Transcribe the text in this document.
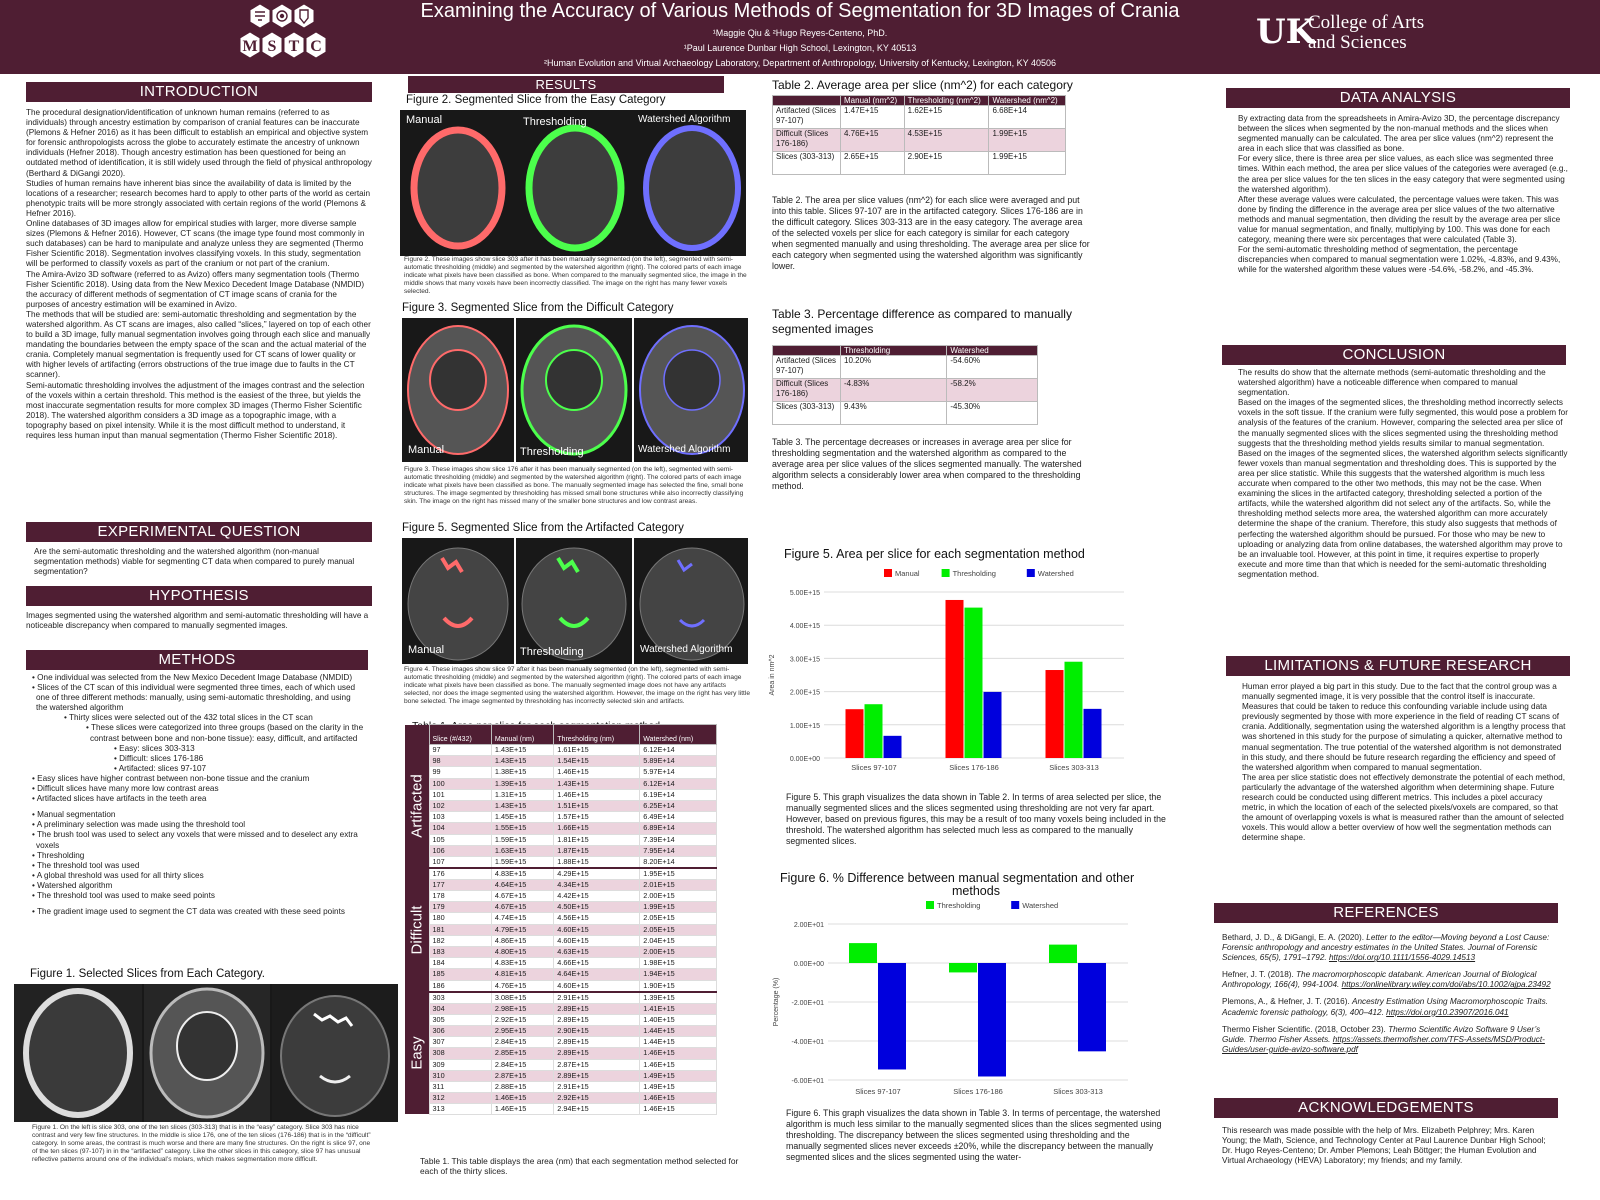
M S T C
Examining the Accuracy of Various Methods of Segmentation for 3D Images of Crania
¹Maggie Qiu & ²Hugo Reyes-Centeno, PhD.
¹Paul Laurence Dunbar High School, Lexington, KY 40513
²Human Evolution and Virtual Archaeology Laboratory, Department of Anthropology, University of Kentucky, Lexington, KY 40506
UK
College of Arts
and Sciences
INTRODUCTION

The procedural designation/identification of unknown human remains (referred to as individuals) through ancestry estimation by comparison of cranial features can be inaccurate (Plemons & Hefner 2016) as it has been difficult to establish an empirical and objective system for forensic anthropologists across the globe to accurately estimate the ancestry of unknown individuals (Hefner 2018). Though ancestry estimation has been questioned for being an outdated method of identification, it is still widely used through the field of physical anthropology (Berthard & DiGangi 2020).

Studies of human remains have inherent bias since the availability of data is limited by the locations of a researcher; research becomes hard to apply to other parts of the world as certain phenotypic traits will be more strongly associated with certain regions of the world (Plemons & Hefner 2016).

Online databases of 3D images allow for empirical studies with larger, more diverse sample sizes (Plemons & Hefner 2016). However, CT scans (the image type found most commonly in such databases) can be hard to manipulate and analyze unless they are segmented (Thermo Fisher Scientific 2018). Segmentation involves classifying voxels. In this study, segmentation will be performed to classify voxels as part of the cranium or not part of the cranium.

The Amira-Avizo 3D software (referred to as Avizo) offers many segmentation tools (Thermo Fisher Scientific 2018). Using data from the New Mexico Decedent Image Database (NMDID) the accuracy of different methods of segmentation of CT image scans of crania for the purposes of ancestry estimation will be examined in Avizo.

The methods that will be studied are: semi-automatic thresholding and segmentation by the watershed algorithm. As CT scans are images, also called “slices,” layered on top of each other to build a 3D image, fully manual segmentation involves going through each slice and manually mandating the boundaries between the empty space of the scan and the actual material of the crania. Completely manual segmentation is frequently used for CT scans of lower quality or with higher levels of artifacting (errors obstructions of the true image due to faults in the CT scanner).

Semi-automatic thresholding involves the adjustment of the images contrast and the selection of the voxels within a certain threshold. This method is the easiest of the three, but yields the most inaccurate segmentation results for more complex 3D images (Thermo Fisher Scientific 2018). The watershed algorithm considers a 3D image as a topographic image, with a topography based on pixel intensity. While it is the most difficult method to understand, it requires less human input than manual segmentation (Thermo Fisher Scientific 2018).

EXPERIMENTAL QUESTION
Are the semi-automatic thresholding and the watershed algorithm (non-manual segmentation methods) viable for segmenting CT data when compared to purely manual segmentation?
HYPOTHESIS
Images segmented using the watershed algorithm and semi-automatic thresholding will have a noticeable discrepancy when compared to manually segmented images.
METHODS
• One individual was selected from the New Mexico Decedent Image Database (NMDID)
• Slices of the CT scan of this individual were segmented three times, each of which used one of three different methods: manually, using semi-automatic thresholding, and using the watershed algorithm
• Thirty slices were selected out of the 432 total slices in the CT scan
• These slices were categorized into three groups (based on the clarity in the contrast between bone and non-bone tissue): easy, difficult, and artifacted
• Easy: slices 303-313
• Difficult: slices 176-186
• Artifacted: slices 97-107
• Easy slices have higher contrast between non-bone tissue and the cranium
• Difficult slices have many more low contrast areas
• Artifacted slices have artifacts in the teeth area
• Manual segmentation
• A preliminary selection was made using the threshold tool
• The brush tool was used to select any voxels that were missed and to deselect any extra voxels
• Thresholding
• The threshold tool was used
• A global threshold was used for all thirty slices
• Watershed algorithm
• The threshold tool was used to make seed points
• The gradient image used to segment the CT data was created with these seed points
Figure 1. Selected Slices from Each Category.
Figure 1. On the left is slice 303, one of the ten slices (303-313) that is in the “easy” category. Slice 303 has nice contrast and very few fine structures. In the middle is slice 176, one of the ten slices (176-186) that is in the “difficult” category. In some areas, the contrast is much worse and there are many fine structures. On the right is slice 97, one of the ten slices (97-107) in in the “artifacted” category. Like the other slices in this category, slice 97 has unusual reflective patterns around one of the individual’s molars, which makes segmentation more difficult.
RESULTS
Figure 2. Segmented Slice from the Easy Category
Manual	Thresholding	Watershed Algorithm
Figure 2. These images show slice 303 after it has been manually segmented (on the left), segmented with semi-automatic thresholding (middle) and segmented by the watershed algorithm (right). The colored parts of each image indicate what pixels have been classified as bone. When compared to the manually segmented slice, the image in the middle shows that many voxels have been incorrectly classified. The image on the right has many fewer voxels selected.
Figure 3. Segmented Slice from the Difficult Category
Manual	Thresholding	Watershed Algorithm
Figure 3. These images show slice 176 after it has been manually segmented (on the left), segmented with semi-automatic thresholding (middle) and segmented by the watershed algorithm (right). The colored parts of each image indicate what pixels have been classified as bone. The manually segmented image has selected the fine, small bone structures. The image segmented by thresholding has missed small bone structures while also incorrectly classifying skin. The image on the right has missed many of the smaller bone structures and low contrast areas.
Figure 5. Segmented Slice from the Artifacted Category
Manual	Thresholding	Watershed Algorithm
Figure 4. These images show slice 97 after it has been manually segmented (on the left), segmented with semi-automatic thresholding (middle) and segmented by the watershed algorithm (right). The colored parts of each image indicate what pixels have been classified as bone. The manually segmented image does not have any artifacts selected, nor does the image segmented using the watershed algorithm. However, the image on the right has very little bone selected. The image segmented by thresholding has incorrectly selected skin and artifacts.
	Slice (#/432)	Manual (nm)	Thresholding (nm)	Watershed (nm)
	97	1.43E+15	1.61E+15	6.12E+14
	98	1.43E+15	1.54E+15	5.89E+14
	99	1.38E+15	1.46E+15	5.97E+14
	100	1.39E+15	1.43E+15	6.12E+14
	101	1.31E+15	1.46E+15	6.19E+14
	102	1.43E+15	1.51E+15	6.25E+14
	103	1.45E+15	1.57E+15	6.49E+14
	104	1.55E+15	1.66E+15	6.89E+14
	105	1.59E+15	1.81E+15	7.39E+14
	106	1.63E+15	1.87E+15	7.95E+14
	107	1.59E+15	1.88E+15	8.20E+14
	176	4.83E+15	4.29E+15	1.95E+15
	177	4.64E+15	4.34E+15	2.01E+15
	178	4.67E+15	4.42E+15	2.00E+15
	179	4.67E+15	4.50E+15	1.99E+15
	180	4.74E+15	4.56E+15	2.05E+15
	181	4.79E+15	4.60E+15	2.05E+15
	182	4.86E+15	4.60E+15	2.04E+15
	183	4.80E+15	4.63E+15	2.00E+15
	184	4.83E+15	4.66E+15	1.98E+15
	185	4.81E+15	4.64E+15	1.94E+15
	186	4.76E+15	4.60E+15	1.90E+15
	303	3.08E+15	2.91E+15	1.39E+15
	304	2.98E+15	2.89E+15	1.41E+15
	305	2.92E+15	2.89E+15	1.40E+15
	306	2.95E+15	2.90E+15	1.44E+15
	307	2.84E+15	2.89E+15	1.44E+15
	308	2.85E+15	2.89E+15	1.46E+15
	309	2.84E+15	2.87E+15	1.46E+15
	310	2.87E+15	2.89E+15	1.49E+15
	311	2.88E+15	2.91E+15	1.49E+15
	312	1.46E+15	2.92E+15	1.46E+15
	313	1.46E+15	2.94E+15	1.46E+15
Table 1. This table displays the area (nm) that each segmentation method selected for each of the thirty slices.
Table 2. Average area per slice (nm^2) for each category
	Manual (nm^2)	Thresholding (nm^2)	Watershed (nm^2)
Artifacted (Slices 97-107)	1.47E+15	1.62E+15	6.68E+14
Difficult (Slices 176-186)	4.76E+15	4.53E+15	1.99E+15
Slices (303-313)	2.65E+15	2.90E+15	1.99E+15
Table 2. The area per slice values (nm^2) for each slice were averaged and put into this table. Slices 97-107 are in the artifacted category. Slices 176-186 are in the difficult category. Slices 303-313 are in the easy category. The average area of the selected voxels per slice for each category is similar for each category when segmented manually and using thresholding. The average area per slice for each category when segmented using the watershed algorithm was significantly lower.
Table 3. Percentage difference as compared to manually segmented images
	Thresholding	Watershed
Artifacted (Slices 97-107)	10.20%	-54.60%
Difficult (Slices 176-186)	-4.83%	-58.2%
Slices (303-313)	9.43%	-45.30%
Table 3. The percentage decreases or increases in average area per slice for thresholding segmentation and the watershed algorithm as compared to the average area per slice values of the slices segmented manually. The watershed algorithm selects a considerably lower area when compared to the thresholding method.
Figure 5. Area per slice for each segmentation method
Manual	Thresholding	Watershed
0.00E+00
1.00E+15
2.00E+15
3.00E+15
4.00E+15
5.00E+15
Area in nm^2
Slices 97-107	Slices 176-186	Slices 303-313
Figure 5. This graph visualizes the data shown in Table 2. In terms of area selected per slice, the manually segmented slices and the slices segmented using thresholding are not very far apart. However, based on previous figures, this may be a result of too many voxels being included in the threshold. The watershed algorithm has selected much less as compared to the manually segmented slices.
Figure 6. % Difference between manual segmentation and other methods
Thresholding	Watershed
-6.00E+01
-4.00E+01
-2.00E+01
0.00E+00
2.00E+01
Percentage (%)
Slices 97-107	Slices 176-186	Slices 303-313
Figure 6. This graph visualizes the data shown in Table 3. In terms of percentage, the watershed algorithm is much less similar to the manually segmented slices than the slices segmented using thresholding. The discrepancy between the slices segmented using thresholding and the manually segmented slices never exceeds ±20%, while the discrepancy between the manually segmented slices and the slices segmented using the water-
DATA ANALYSIS

By extracting data from the spreadsheets in Amira-Avizo 3D, the percentage discrepancy between the slices when segmented by the non-manual methods and the slices when segmented manually can be calculated. The area per slice values (nm^2) represent the area in each slice that was classified as bone.

For every slice, there is three area per slice values, as each slice was segmented three times. Within each method, the area per slice values of the categories were averaged (e.g., the area per slice values for the ten slices in the easy category that were segmented using the watershed algorithm).

After these average values were calculated, the percentage values were taken. This was done by finding the difference in the average area per slice values of the two alternative methods and manual segmentation, then dividing the result by the average area per slice value for manual segmentation, and finally, multiplying by 100. This was done for each category, meaning there were six percentages that were calculated (Table 3).

For the semi-automatic thresholding method of segmentation, the percentage discrepancies when compared to manual segmentation were 1.02%, -4.83%, and 9.43%, while for the watershed algorithm these values were -54.6%, -58.2%, and -45.3%.

CONCLUSION

The results do show that the alternate methods (semi-automatic thresholding and the watershed algorithm) have a noticeable difference when compared to manual segmentation.

Based on the images of the segmented slices, the thresholding method incorrectly selects voxels in the soft tissue. If the cranium were fully segmented, this would pose a problem for analysis of the features of the cranium. However, comparing the selected area per slice of the manually segmented slices with the slices segmented using the thresholding method suggests that the thresholding method yields results similar to manual segmentation.

Based on the images of the segmented slices, the watershed algorithm selects significantly fewer voxels than manual segmentation and thresholding does. This is supported by the area per slice statistic. While this suggests that the watershed algorithm is much less accurate when compared to the other two methods, this may not be the case. When examining the slices in the artifacted category, thresholding selected a portion of the artifacts, while the watershed algorithm did not select any of the artifacts. So, while the thresholding method selects more area, the watershed algorithm can more accurately determine the shape of the cranium. Therefore, this study also suggests that methods of perfecting the watershed algorithm should be pursued. For those who may be new to uploading or analyzing data from online databases, the watershed algorithm may prove to be an invaluable tool. However, at this point in time, it requires expertise to properly execute and more time than that which is needed for the semi-automatic thresholding segmentation method.

LIMITATIONS & FUTURE RESEARCH

Human error played a big part in this study. Due to the fact that the control group was a manually segmented image, it is very possible that the control itself is inaccurate. Measures that could be taken to reduce this confounding variable include using data previously segmented by those with more experience in the field of reading CT scans of crania. Additionally, segmentation using the watershed algorithm is a lengthy process that was shortened in this study for the purpose of simulating a quicker, alternative method to manual segmentation. The true potential of the watershed algorithm is not demonstrated in this study, and there should be future research regarding the efficiency and speed of the watershed algorithm when compared to manual segmentation.

The area per slice statistic does not effectively demonstrate the potential of each method, particularly the advantage of the watershed algorithm when determining shape. Future research could be conducted using different metrics. This includes a pixel accuracy metric, in which the location of each of the selected pixels/voxels are compared, so that the amount of overlapping voxels is what is measured rather than the amount of selected voxels. This would allow a better overview of how well the segmentation methods can determine shape.

REFERENCES

Bethard, J. D., & DiGangi, E. A. (2020). Letter to the editor—Moving beyond a Lost Cause: Forensic anthropology and ancestry estimates in the United States. Journal of Forensic Sciences, 65(5), 1791–1792. https://doi.org/10.1111/1556-4029.14513

Hefner, J. T. (2018). The macromorphoscopic databank. American Journal of Biological Anthropology, 166(4), 994-1004. https://onlinelibrary.wiley.com/doi/abs/10.1002/ajpa.23492

Plemons, A., & Hefner, J. T. (2016). Ancestry Estimation Using Macromorphoscopic Traits. Academic forensic pathology, 6(3), 400–412. https://doi.org/10.23907/2016.041

Thermo Fisher Scientific. (2018, October 23). Thermo Scientific Avizo Software 9 User’s Guide. Thermo Fisher Assets. https://assets.thermofisher.com/TFS-Assets/MSD/Product-Guides/user-guide-avizo-software.pdf

ACKNOWLEDGEMENTS
This research was made possible with the help of Mrs. Elizabeth Pelphrey; Mrs. Karen Young; the Math, Science, and Technology Center at Paul Laurence Dunbar High School; Dr. Hugo Reyes-Centeno; Dr. Amber Plemons; Leah Böttger; the Human Evolution and Virtual Archaeology (HEVA) Laboratory; my friends; and my family.
Artifacted
Difficult
Easy
